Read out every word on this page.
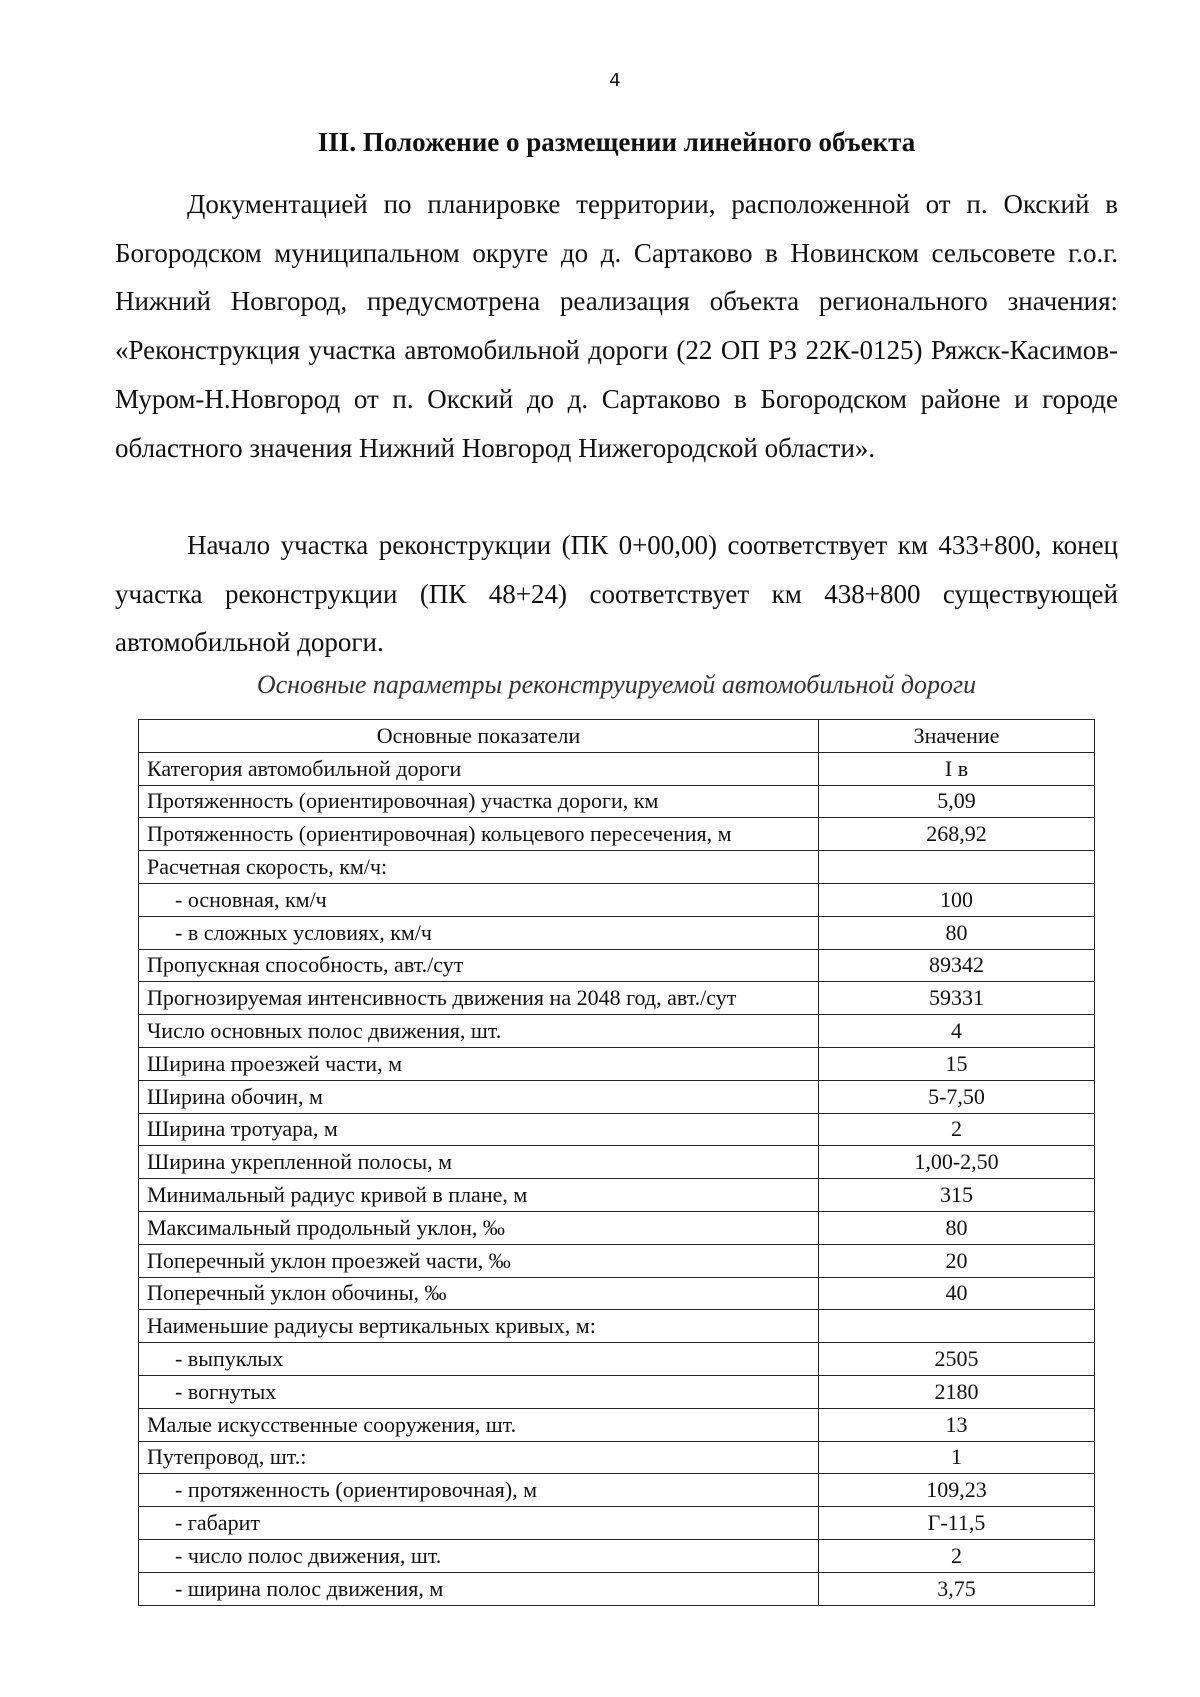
4
III. Положение о размещении линейного объекта

Документацией по планировке территории, расположенной от п. Окский в Богородском муниципальном округе до д. Сартаково в Новинском сельсовете г.о.г. Нижний Новгород, предусмотрена реализация объекта регионального значения: «Реконструкция участка автомобильной дороги (22 ОП РЗ 22К-0125) Ряжск-Касимов-Муром-Н.Новгород от п. Окский до д. Сартаково в Богородском районе и городе областного значения Нижний Новгород Нижегородской области».

Начало участка реконструкции (ПК 0+00,00) соответствует км 433+800, конец участка реконструкции (ПК 48+24) соответствует км 438+800 существующей автомобильной дороги.

Основные параметры реконструируемой автомобильной дороги

Основные показатели	Значение
Категория автомобильной дороги	I в
Протяженность (ориентировочная) участка дороги, км	5,09
Протяженность (ориентировочная) кольцевого пересечения, м	268,92
Расчетная скорость, км/ч:	
- основная, км/ч	100
- в сложных условиях, км/ч	80
Пропускная способность, авт./сут	89342
Прогнозируемая интенсивность движения на 2048 год, авт./сут	59331
Число основных полос движения, шт.	4
Ширина проезжей части, м	15
Ширина обочин, м	5-7,50
Ширина тротуара, м	2
Ширина укрепленной полосы, м	1,00-2,50
Минимальный радиус кривой в плане, м	315
Максимальный продольный уклон, ‰	80
Поперечный уклон проезжей части, ‰	20
Поперечный уклон обочины, ‰	40
Наименьшие радиусы вертикальных кривых, м:	
- выпуклых	2505
- вогнутых	2180
Малые искусственные сооружения, шт.	13
Путепровод, шт.:	1
- протяженность (ориентировочная), м	109,23
- габарит	Г-11,5
- число полос движения, шт.	2
- ширина полос движения, м	3,75
